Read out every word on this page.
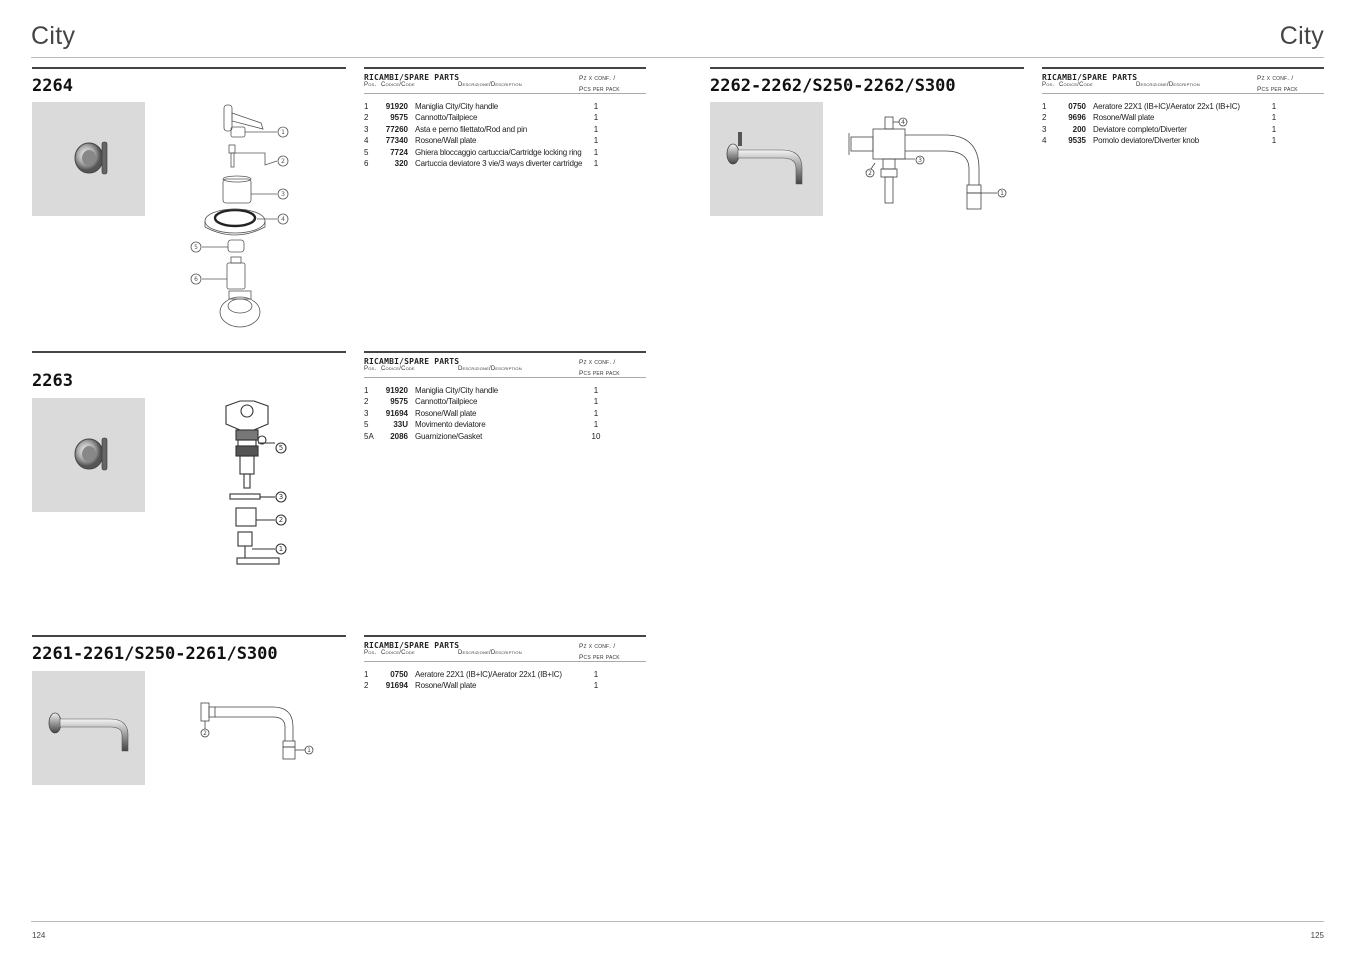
City	City
2264
1
2
3
4
5
6
RICAMBI/SPARE PARTS
Pos. Codice/Code	Descrizione/Description
Pz x conf. /
Pcs per pack
1	91920 Maniglia City/City handle	1
2	9575 Cannotto/Tailpiece	1
3	77260 Asta e perno filettato/Rod and pin	1
4	77340 Rosone/Wall plate	1
5	7724 Ghiera bloccaggio cartuccia/Cartridge locking ring	1
6	320 Cartuccia deviatore 3 vie/3 ways diverter cartridge	1
2263
5
3
2
1
RICAMBI/SPARE PARTS
Pos. Codice/Code	Descrizione/Description
Pz x conf. /
Pcs per pack
1	91920 Maniglia City/City handle	1
2	9575 Cannotto/Tailpiece	1
3	91694 Rosone/Wall plate	1
5	33U Movimento deviatore	1
5A	2086 Guarnizione/Gasket	10
2261-2261/S250-2261/S300
2
1
RICAMBI/SPARE PARTS
Pos. Codice/Code	Descrizione/Description
Pz x conf. /
Pcs per pack
1	0750 Aeratore 22X1 (IB+IC)/Aerator 22x1 (IB+IC)	1
2	91694 Rosone/Wall plate	1
2262-2262/S250-2262/S300
4
3
2
1
RICAMBI/SPARE PARTS
Pos. Codice/Code	Descrizione/Description
Pz x conf. /
Pcs per pack
1	0750 Aeratore 22X1 (IB+IC)/Aerator 22x1 (IB+IC)	1
2	9696 Rosone/Wall plate	1
3	200 Deviatore completo/Diverter	1
4	9535 Pomolo deviatore/Diverter knob	1
124	125
